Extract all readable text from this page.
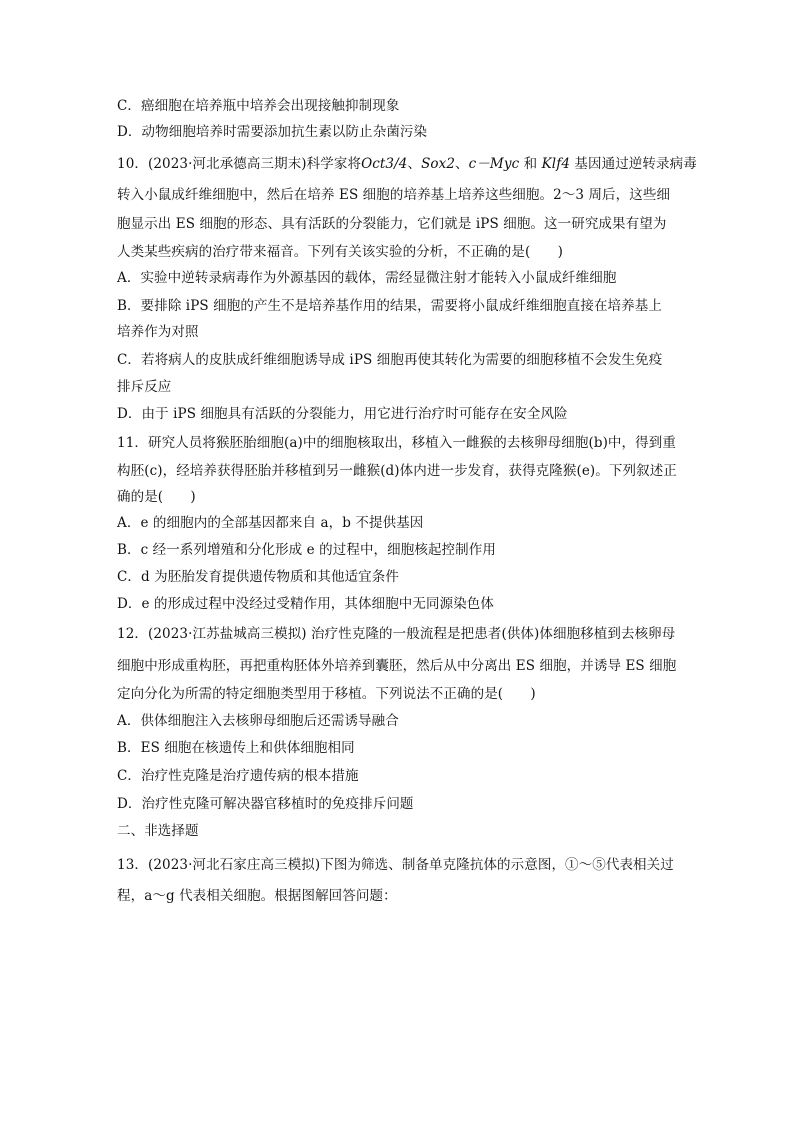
C．癌细胞在培养瓶中培养会出现接触抑制现象
D．动物细胞培养时需要添加抗生素以防止杂菌污染
10．(2023·河北承德高三期末)科学家将Oct3/4、Sox2、c－Myc 和 Klf4 基因通过逆转录病毒
转入小鼠成纤维细胞中，然后在培养 ES 细胞的培养基上培养这些细胞。2～3 周后，这些细
胞显示出 ES 细胞的形态、具有活跃的分裂能力，它们就是 iPS 细胞。这一研究成果有望为
人类某些疾病的治疗带来福音。下列有关该实验的分析，不正确的是(　　)
A．实验中逆转录病毒作为外源基因的载体，需经显微注射才能转入小鼠成纤维细胞
B．要排除 iPS 细胞的产生不是培养基作用的结果，需要将小鼠成纤维细胞直接在培养基上
培养作为对照
C．若将病人的皮肤成纤维细胞诱导成 iPS 细胞再使其转化为需要的细胞移植不会发生免疫
排斥反应
D．由于 iPS 细胞具有活跃的分裂能力，用它进行治疗时可能存在安全风险
11．研究人员将猴胚胎细胞(a)中的细胞核取出，移植入一雌猴的去核卵母细胞(b)中，得到重
构胚(c)，经培养获得胚胎并移植到另一雌猴(d)体内进一步发育，获得克隆猴(e)。下列叙述正
确的是(　　)
A．e 的细胞内的全部基因都来自 a，b 不提供基因
B．c 经一系列增殖和分化形成 e 的过程中，细胞核起控制作用
C．d 为胚胎发育提供遗传物质和其他适宜条件
D．e 的形成过程中没经过受精作用，其体细胞中无同源染色体
12．(2023·江苏盐城高三模拟) 治疗性克隆的一般流程是把患者(供体)体细胞移植到去核卵母
细胞中形成重构胚，再把重构胚体外培养到囊胚，然后从中分离出 ES 细胞，并诱导 ES 细胞
定向分化为所需的特定细胞类型用于移植。下列说法不正确的是(　　)
A．供体细胞注入去核卵母细胞后还需诱导融合
B．ES 细胞在核遗传上和供体细胞相同
C．治疗性克隆是治疗遗传病的根本措施
D．治疗性克隆可解决器官移植时的免疫排斥问题
二、非选择题
13．(2023·河北石家庄高三模拟)下图为筛选、制备单克隆抗体的示意图，①～⑤代表相关过
程，a～g 代表相关细胞。根据图解回答问题：
